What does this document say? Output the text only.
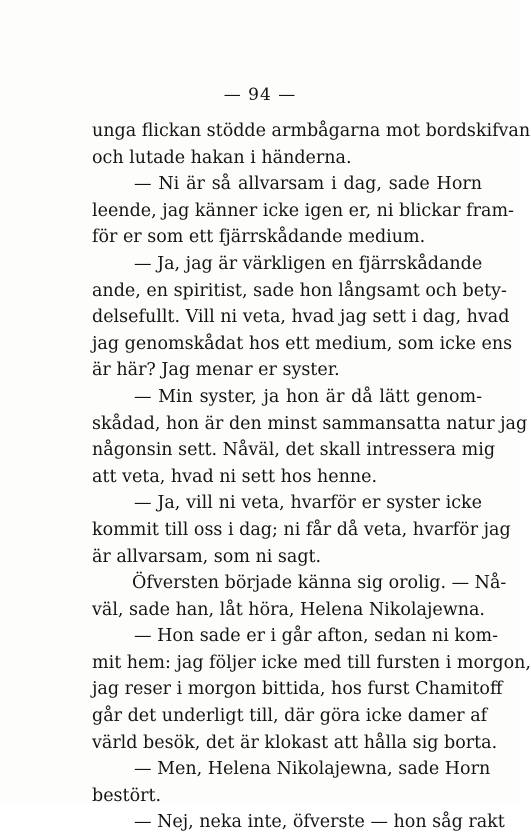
— 94 —
unga flickan stödde armbågarna mot bordskifvan
och lutade hakan i händerna.
— Ni är så allvarsam i dag, sade Horn
leende, jag känner icke igen er, ni blickar fram-
för er som ett fjärrskådande medium.
— Ja, jag är värkligen en fjärrskådande
ande, en spiritist, sade hon långsamt och bety-
delsefullt. Vill ni veta, hvad jag sett i dag, hvad
jag genomskådat hos ett medium, som icke ens
är här? Jag menar er syster.
— Min syster, ja hon är då lätt genom-
skådad, hon är den minst sammansatta natur jag
någonsin sett. Nåväl, det skall intressera mig
att veta, hvad ni sett hos henne.
— Ja, vill ni veta, hvarför er syster icke
kommit till oss i dag; ni får då veta, hvarför jag
är allvarsam, som ni sagt.
Öfversten började känna sig orolig. — Nå-
väl, sade han, låt höra, Helena Nikolajewna.
— Hon sade er i går afton, sedan ni kom-
mit hem: jag följer icke med till fursten i morgon,
jag reser i morgon bittida, hos furst Chamitoff
går det underligt till, där göra icke damer af
värld besök, det är klokast att hålla sig borta.
— Men, Helena Nikolajewna, sade Horn
bestört.
— Nej, neka inte, öfverste — hon såg rakt
